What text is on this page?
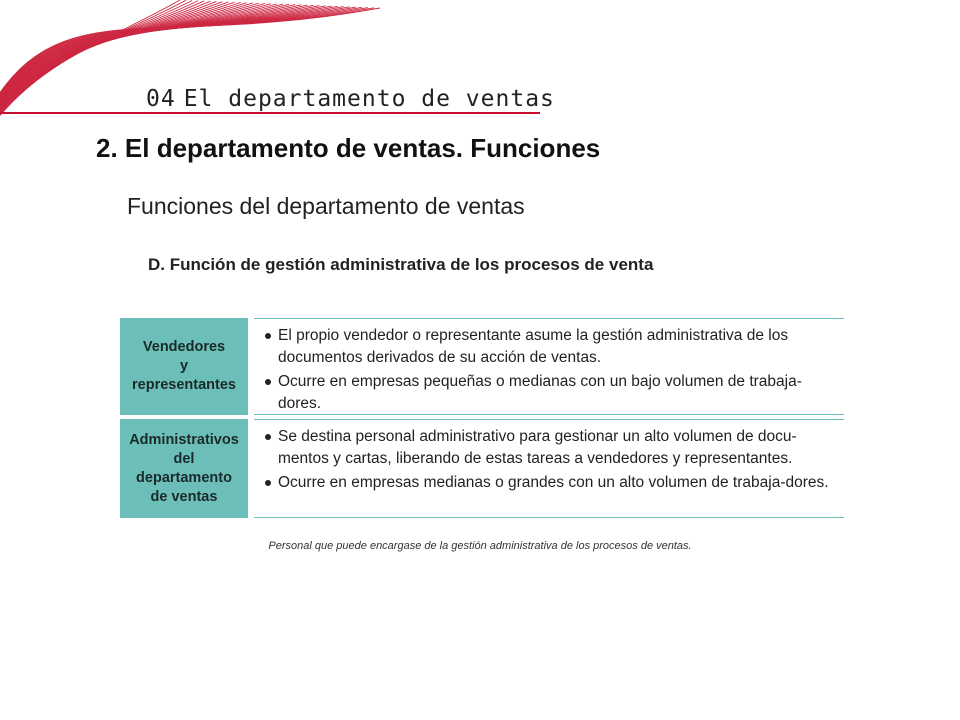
04 El departamento de ventas
2. El departamento de ventas. Funciones
Funciones del departamento de ventas
D. Función de gestión administrativa de los procesos de venta
Vendedores
y
representantes
El propio vendedor o representante asume la gestión administrativa de los documentos derivados de su acción de ventas.
Ocurre en empresas pequeñas o medianas con un bajo volumen de trabaja-dores.
Administrativos
del
departamento
de ventas
Se destina personal administrativo para gestionar un alto volumen de docu-mentos y cartas, liberando de estas tareas a vendedores y representantes.
Ocurre en empresas medianas o grandes con un alto volumen de trabaja-dores.
Personal que puede encargase de la gestión administrativa de los procesos de ventas.
